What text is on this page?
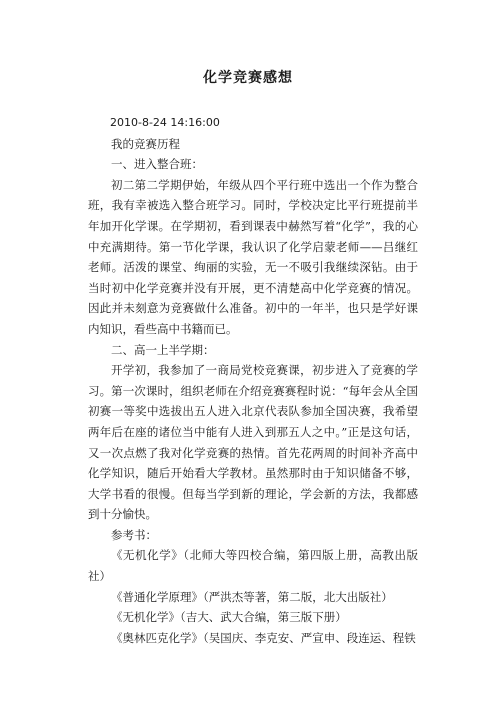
化学竞赛感想

2010-8-24 14:16:00

我的竞赛历程

一、进入整合班：

初二第二学期伊始，年级从四个平行班中选出一个作为整合班，我有幸被选入整合班学习。同时，学校决定比平行班提前半年加开化学课。在学期初，看到课表中赫然写着“化学”，我的心中充满期待。第一节化学课，我认识了化学启蒙老师——吕继红老师。活泼的课堂、绚丽的实验，无一不吸引我继续深钻。由于当时初中化学竞赛并没有开展，更不清楚高中化学竞赛的情况。因此并未刻意为竞赛做什么准备。初中的一年半，也只是学好课内知识，看些高中书籍而已。

二、高一上半学期：

开学初，我参加了一商局党校竞赛课，初步进入了竞赛的学习。第一次课时，组织老师在介绍竞赛赛程时说：“每年会从全国初赛一等奖中选拔出五人进入北京代表队参加全国决赛，我希望两年后在座的诸位当中能有人进入到那五人之中。”正是这句话，又一次点燃了我对化学竞赛的热情。首先花两周的时间补齐高中化学知识，随后开始看大学教材。虽然那时由于知识储备不够，大学书看的很慢。但每当学到新的理论，学会新的方法，我都感到十分愉快。

参考书：

《无机化学》（北师大等四校合编，第四版上册，高教出版社）

《普通化学原理》（严洪杰等著，第二版，北大出版社）

《无机化学》（吉大、武大合编，第三版下册）

《奥林匹克化学》（吴国庆、李克安、严宣申、段连运、程铁
